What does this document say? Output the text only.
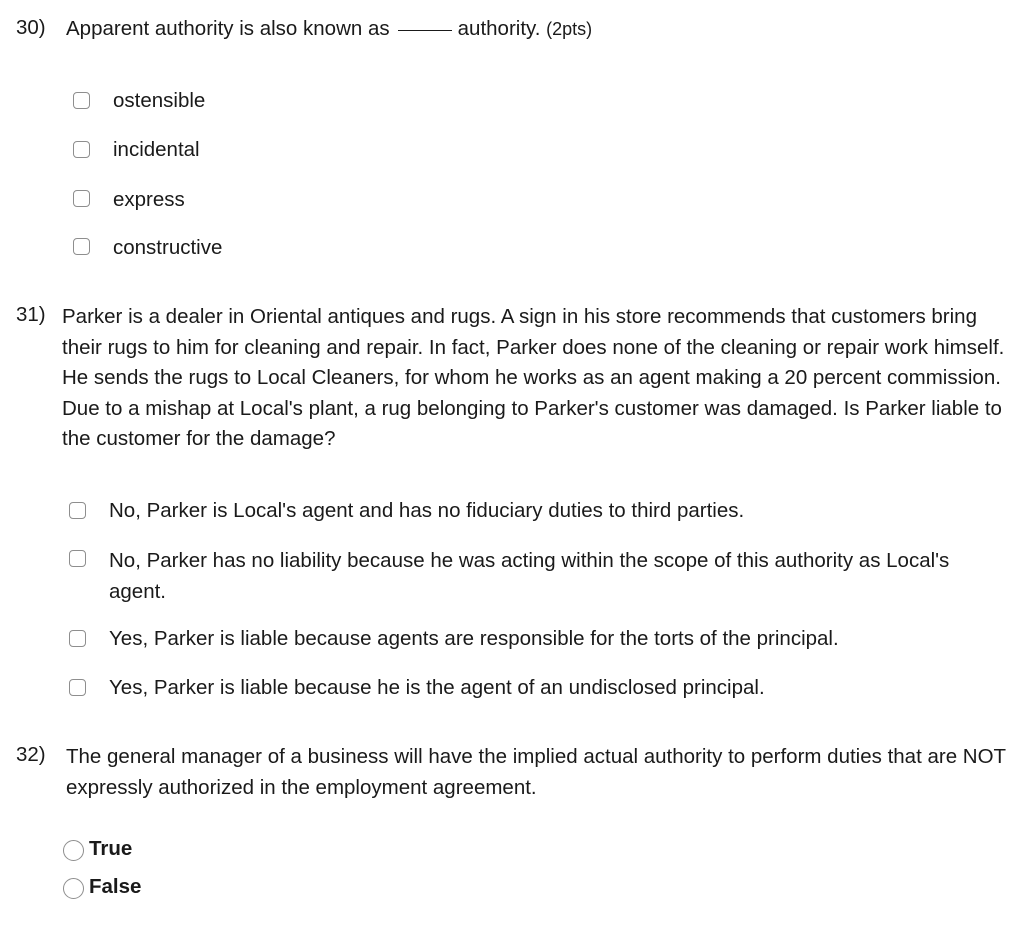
30) Apparent authority is also known as	authority. (2pts)
ostensible
incidental
express
constructive
31) Parker is a dealer in Oriental antiques and rugs. A sign in his store recommends that customers bring their rugs to him for cleaning and repair. In fact, Parker does none of the cleaning or repair work himself. He sends the rugs to Local Cleaners, for whom he works as an agent making a 20 percent commission. Due to a mishap at Local's plant, a rug belonging to Parker's customer was damaged. Is Parker liable to the customer for the damage?
No, Parker is Local's agent and has no fiduciary duties to third parties.
No, Parker has no liability because he was acting within the scope of this authority as Local's agent.
Yes, Parker is liable because agents are responsible for the torts of the principal.
Yes, Parker is liable because he is the agent of an undisclosed principal.
32) The general manager of a business will have the implied actual authority to perform duties that are NOT expressly authorized in the employment agreement.
True
False
